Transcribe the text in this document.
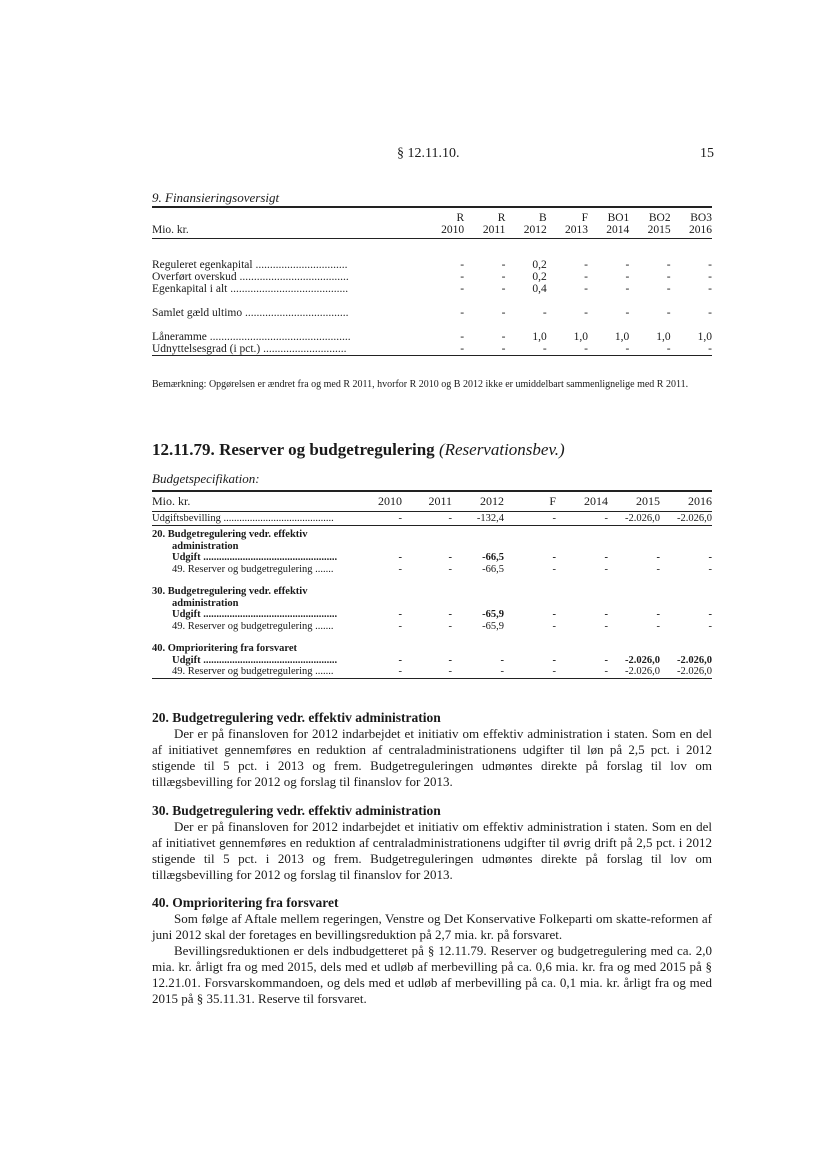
§ 12.11.10.	15
9. Finansieringsoversigt
	R	R	B	F	BO1	BO2	BO3
Mio. kr.	2010	2011	2012	2013	2014	2015	2016

Reguleret egenkapital ................................	-	-	0,2	-	-	-	-
Overført overskud ......................................	-	-	0,2	-	-	-	-
Egenkapital i alt .........................................	-	-	0,4	-	-	-	-

Samlet gæld ultimo ....................................	-	-	-	-	-	-	-

Låneramme .................................................	-	-	1,0	1,0	1,0	1,0	1,0
Udnyttelsesgrad (i pct.) .............................	-	-	-	-	-	-	-
Bemærkning: Opgørelsen er ændret fra og med R 2011, hvorfor R 2010 og B 2012 ikke er umiddelbart sammenlignelige med R 2011.
12.11.79. Reserver og budgetregulering (Reservationsbev.)
Budgetspecifikation:
Mio. kr.	2010	2011	2012	F	2014	2015	2016
Udgiftsbevilling ..........................................	-	-	-132,4	-	-	-2.026,0	-2.026,0
20. Budgetregulering vedr. effektiv							
administration							
Udgift ...................................................	-	-	-66,5	-	-	-	-
49. Reserver og budgetregulering .......	-	-	-66,5	-	-	-	-

30. Budgetregulering vedr. effektiv							
administration							
Udgift ...................................................	-	-	-65,9	-	-	-	-
49. Reserver og budgetregulering .......	-	-	-65,9	-	-	-	-

40. Omprioritering fra forsvaret							
Udgift ...................................................	-	-	-	-	-	-2.026,0	-2.026,0
49. Reserver og budgetregulering .......	-	-	-	-	-	-2.026,0	-2.026,0
20. Budgetregulering vedr. effektiv administration

Der er på finansloven for 2012 indarbejdet et initiativ om effektiv administration i staten. Som en del af initiativet gennemføres en reduktion af centraladministrationens udgifter til løn på 2,5 pct. i 2012 stigende til 5 pct. i 2013 og frem. Budgetreguleringen udmøntes direkte på forslag til lov om tillægsbevilling for 2012 og forslag til finanslov for 2013.

30. Budgetregulering vedr. effektiv administration

Der er på finansloven for 2012 indarbejdet et initiativ om effektiv administration i staten. Som en del af initiativet gennemføres en reduktion af centraladministrationens udgifter til øvrig drift på 2,5 pct. i 2012 stigende til 5 pct. i 2013 og frem. Budgetreguleringen udmøntes direkte på forslag til lov om tillægsbevilling for 2012 og forslag til finanslov for 2013.

40. Omprioritering fra forsvaret

Som følge af Aftale mellem regeringen, Venstre og Det Konservative Folkeparti om skatte-reformen af juni 2012 skal der foretages en bevillingsreduktion på 2,7 mia. kr. på forsvaret.

Bevillingsreduktionen er dels indbudgetteret på § 12.11.79. Reserver og budgetregulering med ca. 2,0 mia. kr. årligt fra og med 2015, dels med et udløb af merbevilling på ca. 0,6 mia. kr. fra og med 2015 på § 12.21.01. Forsvarskommandoen, og dels med et udløb af merbevilling på ca. 0,1 mia. kr. årligt fra og med 2015 på § 35.11.31. Reserve til forsvaret.
